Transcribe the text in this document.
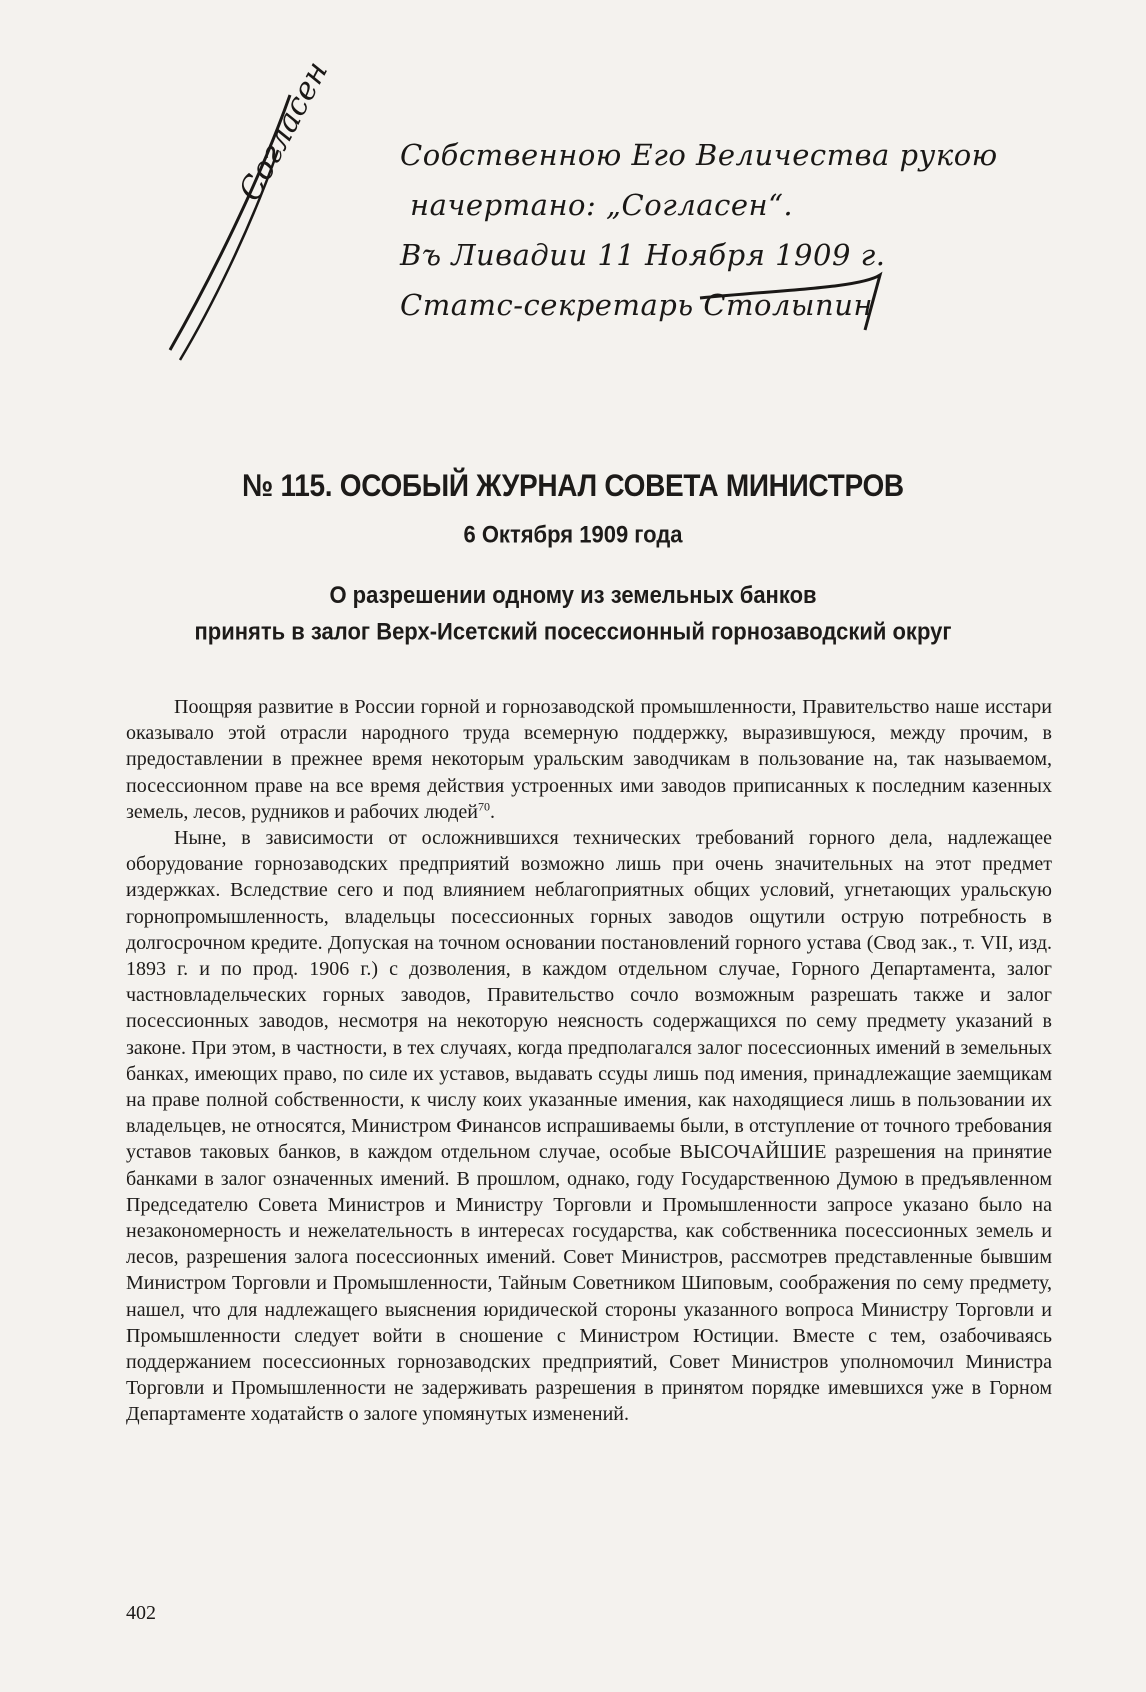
Согласен Собственною Его Величества рукою
начертано: „Согласен“.
Въ Ливадии 11 Ноября 1909 г.
Статс-секретарь Столыпин
№ 115. ОСОБЫЙ ЖУРНАЛ СОВЕТА МИНИСТРОВ
6 Октября 1909 года
О разрешении одному из земельных банков
принять в залог Верх-Исетский посессионный горнозаводский округ

Поощряя развитие в России горной и горнозаводской промышленности, Правительство наше исстари оказывало этой отрасли народного труда всемерную поддержку, выразившуюся, между прочим, в предоставлении в прежнее время некоторым уральским заводчикам в пользование на, так называемом, посессионном праве на все время действия устроенных ими заводов приписанных к последним казенных земель, лесов, рудников и рабочих людей$^{70}$.

Ныне, в зависимости от осложнившихся технических требований горного дела, надлежащее оборудование горнозаводских предприятий возможно лишь при очень значительных на этот предмет издержках. Вследствие сего и под влиянием неблагоприятных общих условий, угнетающих уральскую горнопромышленность, владельцы посессионных горных заводов ощутили острую потребность в долгосрочном кредите. Допуская на точном основании постановлений горного устава (Свод зак., т. VII, изд. 1893 г. и по прод. 1906 г.) с дозволения, в каждом отдельном случае, Горного Департамента, залог частновладельческих горных заводов, Правительство сочло возможным разрешать также и залог посессионных заводов, несмотря на некоторую неясность содержащихся по сему предмету указаний в законе. При этом, в частности, в тех случаях, когда предполагался залог посессионных имений в земельных банках, имеющих право, по силе их уставов, выдавать ссуды лишь под имения, принадлежащие заемщикам на праве полной собственности, к числу коих указанные имения, как находящиеся лишь в пользовании их владельцев, не относятся, Министром Финансов испрашиваемы были, в отступление от точного требования уставов таковых банков, в каждом отдельном случае, особые ВЫСОЧАЙШИЕ разрешения на принятие банками в залог означенных имений. В прошлом, однако, году Государственною Думою в предъявленном Председателю Совета Министров и Министру Торговли и Промышленности запросе указано было на незакономерность и нежелательность в интересах государства, как собственника посессионных земель и лесов, разрешения залога посессионных имений. Совет Министров, рассмотрев представленные бывшим Министром Торговли и Промышленности, Тайным Советником Шиповым, соображения по сему предмету, нашел, что для надлежащего выяснения юридической стороны указанного вопроса Министру Торговли и Промышленности следует войти в сношение с Министром Юстиции. Вместе с тем, озабочиваясь поддержанием посессионных горнозаводских предприятий, Совет Министров уполномочил Министра Торговли и Промышленности не задерживать разрешения в принятом порядке имевшихся уже в Горном Департаменте ходатайств о залоге упомянутых изменений.

402
